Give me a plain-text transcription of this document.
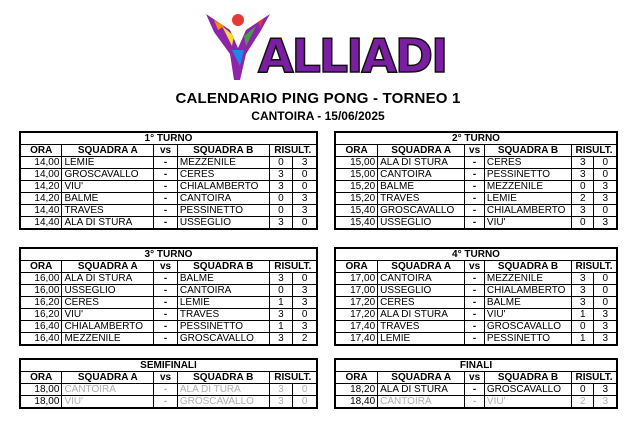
ALLIADI
CALENDARIO PING PONG - TORNEO 1
CANTOIRA - 15/06/2025
1° TURNO					
ORA	SQUADRA A	vs	SQUADRA B	RISULT.	
14,00	LEMIE	-	MEZZENILE	0	3
14,00	GROSCAVALLO	-	CERES	3	0
14,20	VIU'	-	CHIALAMBERTO	3	0
14,20	BALME	-	CANTOIRA	0	3
14,40	TRAVES	-	PESSINETTO	0	3
14,40	ALA DI STURA	-	USSEGLIO	3	0
2° TURNO					
ORA	SQUADRA A	vs	SQUADRA B	RISULT.	
15,00	ALA DI STURA	-	CERES	3	0
15,00	CANTOIRA	-	PESSINETTO	3	0
15,20	BALME	-	MEZZENILE	0	3
15,20	TRAVES	-	LEMIE	2	3
15,40	GROSCAVALLO	-	CHIALAMBERTO	3	0
15,40	USSEGLIO	-	VIU'	0	3
3° TURNO					
ORA	SQUADRA A	vs	SQUADRA B	RISULT.	
16,00	ALA DI STURA	-	BALME	3	0
16,00	USSEGLIO	-	CANTOIRA	0	3
16,20	CERES	-	LEMIE	1	3
16,20	VIU'	-	TRAVES	3	0
16,40	CHIALAMBERTO	-	PESSINETTO	1	3
16,40	MEZZENILE	-	GROSCAVALLO	3	2
4° TURNO					
ORA	SQUADRA A	vs	SQUADRA B	RISULT.	
17,00	CANTOIRA	-	MEZZENILE	3	0
17,00	USSEGLIO	-	CHIALAMBERTO	3	0
17,20	CERES	-	BALME	3	0
17,20	ALA DI STURA	-	VIU'	1	3
17,40	TRAVES	-	GROSCAVALLO	0	3
17,40	LEMIE	-	PESSINETTO	1	3
SEMIFINALI					
ORA	SQUADRA A	vs	SQUADRA B	RISULT.	
18,00	CANTOIRA	-	ALA DI TURA	3	0
18,00	VIU'	-	GROSCAVALLO	3	0
FINALI					
ORA	SQUADRA A	vs	SQUADRA B	RISULT.	
18,20	ALA DI STURA	-	GROSCAVALLO	0	3
18,40	CANTOIRA	-	VIU'	2	3
